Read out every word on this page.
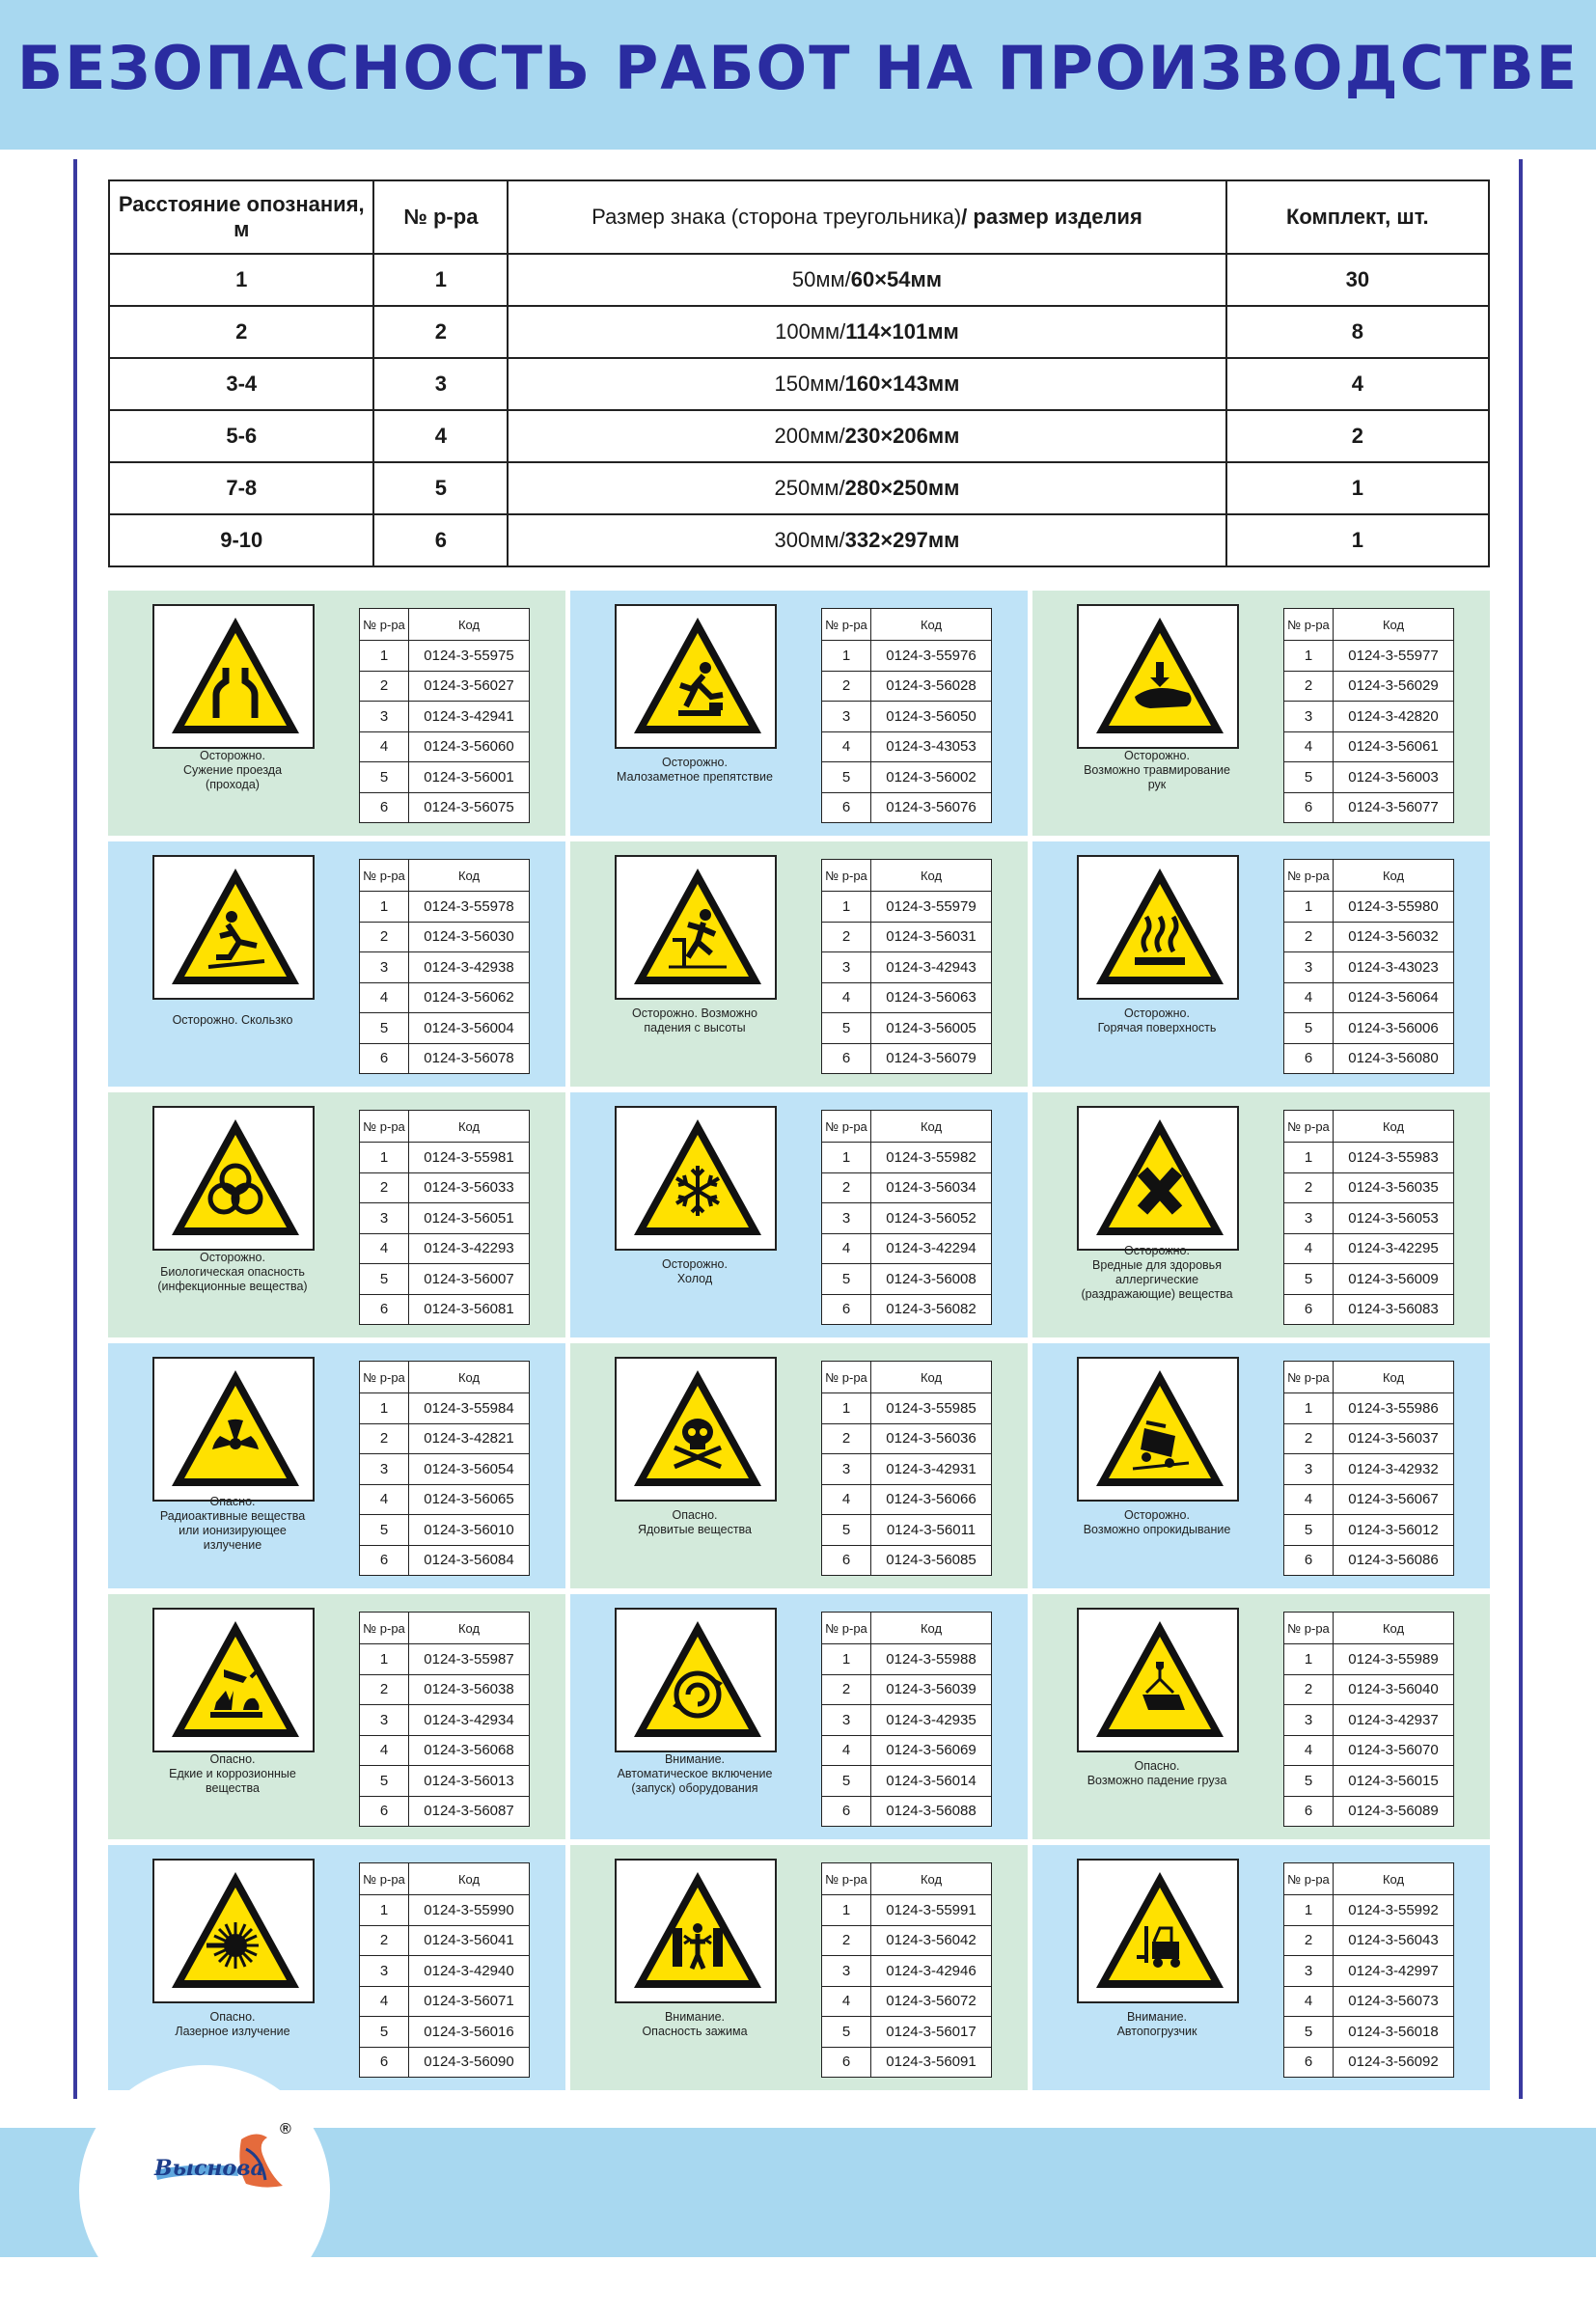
БЕЗОПАСНОСТЬ РАБОТ НА ПРОИЗВОДСТВЕ
Расстояние опознания, м	№ р-ра	Размер знака (сторона треугольника)/ размер изделия	Комплект, шт.
1	1	50мм/60×54мм	30
2	2	100мм/114×101мм	8
3-4	3	150мм/160×143мм	4
5-6	4	200мм/230×206мм	2
7-8	5	250мм/280×250мм	1
9-10	6	300мм/332×297мм	1
Осторожно.
Сужение проезда
(прохода)
№ р-ра	Код
1	0124-3-55975
2	0124-3-56027
3	0124-3-42941
4	0124-3-56060
5	0124-3-56001
6	0124-3-56075
Осторожно.
Малозаметное препятствие
№ р-ра	Код
1	0124-3-55976
2	0124-3-56028
3	0124-3-56050
4	0124-3-43053
5	0124-3-56002
6	0124-3-56076
Осторожно.
Возможно травмирование
рук
№ р-ра	Код
1	0124-3-55977
2	0124-3-56029
3	0124-3-42820
4	0124-3-56061
5	0124-3-56003
6	0124-3-56077
Осторожно. Скользко
№ р-ра	Код
1	0124-3-55978
2	0124-3-56030
3	0124-3-42938
4	0124-3-56062
5	0124-3-56004
6	0124-3-56078
Осторожно. Возможно
падения с высоты
№ р-ра	Код
1	0124-3-55979
2	0124-3-56031
3	0124-3-42943
4	0124-3-56063
5	0124-3-56005
6	0124-3-56079
Осторожно.
Горячая поверхность
№ р-ра	Код
1	0124-3-55980
2	0124-3-56032
3	0124-3-43023
4	0124-3-56064
5	0124-3-56006
6	0124-3-56080
Осторожно.
Биологическая опасность
(инфекционные вещества)
№ р-ра	Код
1	0124-3-55981
2	0124-3-56033
3	0124-3-56051
4	0124-3-42293
5	0124-3-56007
6	0124-3-56081
Осторожно.
Холод
№ р-ра	Код
1	0124-3-55982
2	0124-3-56034
3	0124-3-56052
4	0124-3-42294
5	0124-3-56008
6	0124-3-56082
Осторожно.
Вредные для здоровья
аллергические
(раздражающие) вещества
№ р-ра	Код
1	0124-3-55983
2	0124-3-56035
3	0124-3-56053
4	0124-3-42295
5	0124-3-56009
6	0124-3-56083
Опасно.
Радиоактивные вещества
или ионизирующее
излучение
№ р-ра	Код
1	0124-3-55984
2	0124-3-42821
3	0124-3-56054
4	0124-3-56065
5	0124-3-56010
6	0124-3-56084
Опасно.
Ядовитые вещества
№ р-ра	Код
1	0124-3-55985
2	0124-3-56036
3	0124-3-42931
4	0124-3-56066
5	0124-3-56011
6	0124-3-56085
Осторожно.
Возможно опрокидывание
№ р-ра	Код
1	0124-3-55986
2	0124-3-56037
3	0124-3-42932
4	0124-3-56067
5	0124-3-56012
6	0124-3-56086
Опасно.
Едкие и коррозионные
вещества
№ р-ра	Код
1	0124-3-55987
2	0124-3-56038
3	0124-3-42934
4	0124-3-56068
5	0124-3-56013
6	0124-3-56087
Внимание.
Автоматическое включение
(запуск) оборудования
№ р-ра	Код
1	0124-3-55988
2	0124-3-56039
3	0124-3-42935
4	0124-3-56069
5	0124-3-56014
6	0124-3-56088
Опасно.
Возможно падение груза
№ р-ра	Код
1	0124-3-55989
2	0124-3-56040
3	0124-3-42937
4	0124-3-56070
5	0124-3-56015
6	0124-3-56089
Опасно.
Лазерное излучение
№ р-ра	Код
1	0124-3-55990
2	0124-3-56041
3	0124-3-42940
4	0124-3-56071
5	0124-3-56016
6	0124-3-56090
Внимание.
Опасность зажима
№ р-ра	Код
1	0124-3-55991
2	0124-3-56042
3	0124-3-42946
4	0124-3-56072
5	0124-3-56017
6	0124-3-56091
Внимание.
Автопогрузчик
№ р-ра	Код
1	0124-3-55992
2	0124-3-56043
3	0124-3-42997
4	0124-3-56073
5	0124-3-56018
6	0124-3-56092
Выснова
®
